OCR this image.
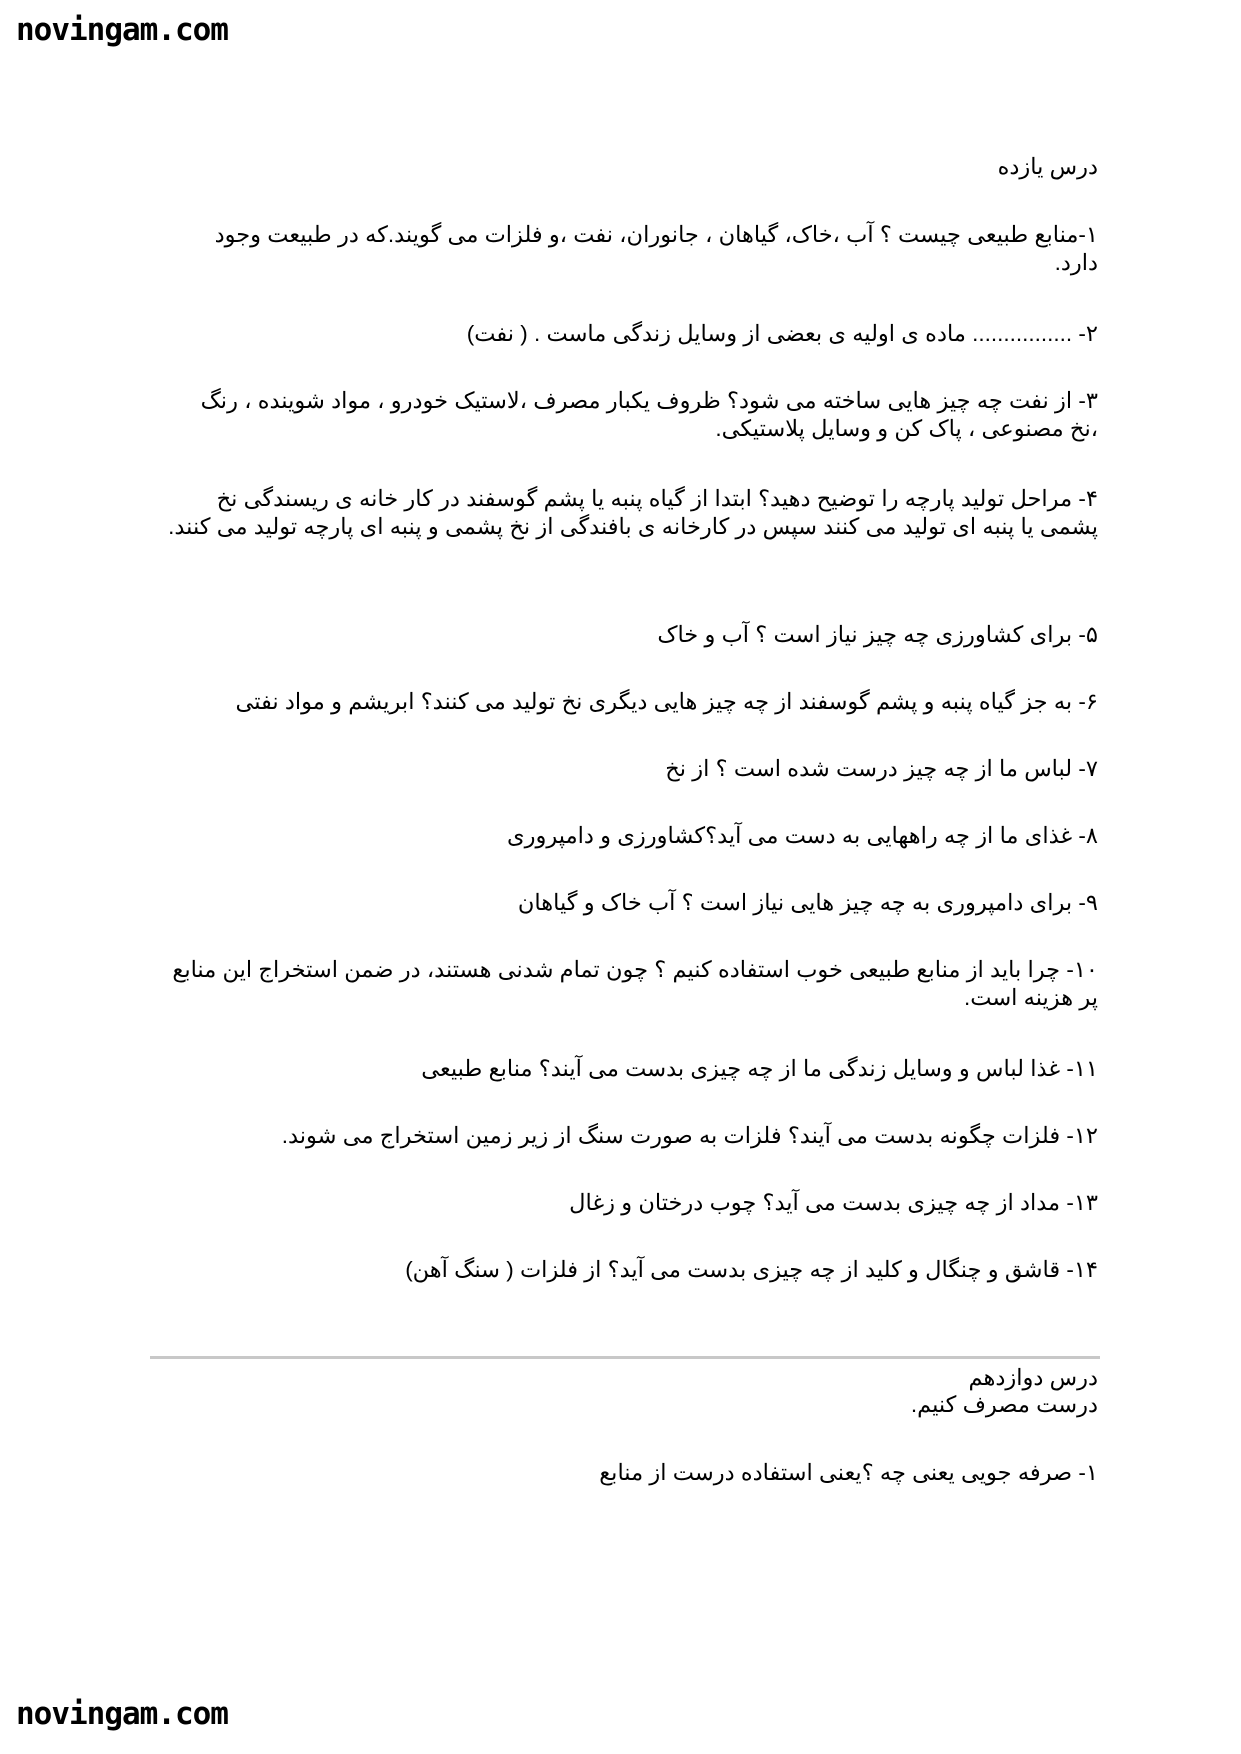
novingam.com
درس یازده
۱-منابع طبیعی چیست ؟ آب ،خاک، گیاهان ، جانوران، نفت ،و فلزات می گویند.که در طبیعت وجود دارد.
۲- ................ ماده ی اولیه ی بعضی از وسایل زندگی ماست . ( نفت)
۳- از نفت چه چیز هایی ساخته می شود؟ ظروف یکبار مصرف ،لاستیک خودرو ، مواد شوینده ، رنگ ،نخ مصنوعی ، پاک کن و وسایل پلاستیکی.
۴- مراحل تولید پارچه را توضیح دهید؟ ابتدا از گیاه پنبه یا پشم گوسفند در کار خانه ی ریسندگی نخ پشمی یا پنبه ای تولید می کنند سپس در کارخانه ی بافندگی از نخ پشمی و پنبه ای پارچه تولید می کنند.
۵- برای کشاورزی چه چیز نیاز است ؟ آب و خاک
۶- به جز گیاه پنبه و پشم گوسفند از چه چیز هایی دیگری نخ تولید می کنند؟ ابریشم و مواد نفتی
۷- لباس ما از چه چیز درست شده است ؟ از نخ
۸- غذای ما از چه راههایی به دست می آید؟کشاورزی و دامپروری
۹- برای دامپروری به چه چیز هایی نیاز است ؟ آب خاک و گیاهان
۱۰- چرا باید از منابع طبیعی خوب استفاده کنیم ؟ چون تمام شدنی هستند، در ضمن استخراج این منابع پر هزینه است.
۱۱- غذا لباس و وسایل زندگی ما از چه چیزی بدست می آیند؟ منابع طبیعی
۱۲- فلزات چگونه بدست می آیند؟ فلزات به صورت سنگ از زیر زمین استخراج می شوند.
۱۳- مداد از چه چیزی بدست می آید؟ چوب درختان و زغال
۱۴- قاشق و چنگال و کلید از چه چیزی بدست می آید؟ از فلزات ( سنگ آهن)
درس دوازدهم
درست مصرف کنیم.
۱- صرفه جویی یعنی چه ؟یعنی استفاده درست از منابع
novingam.com
